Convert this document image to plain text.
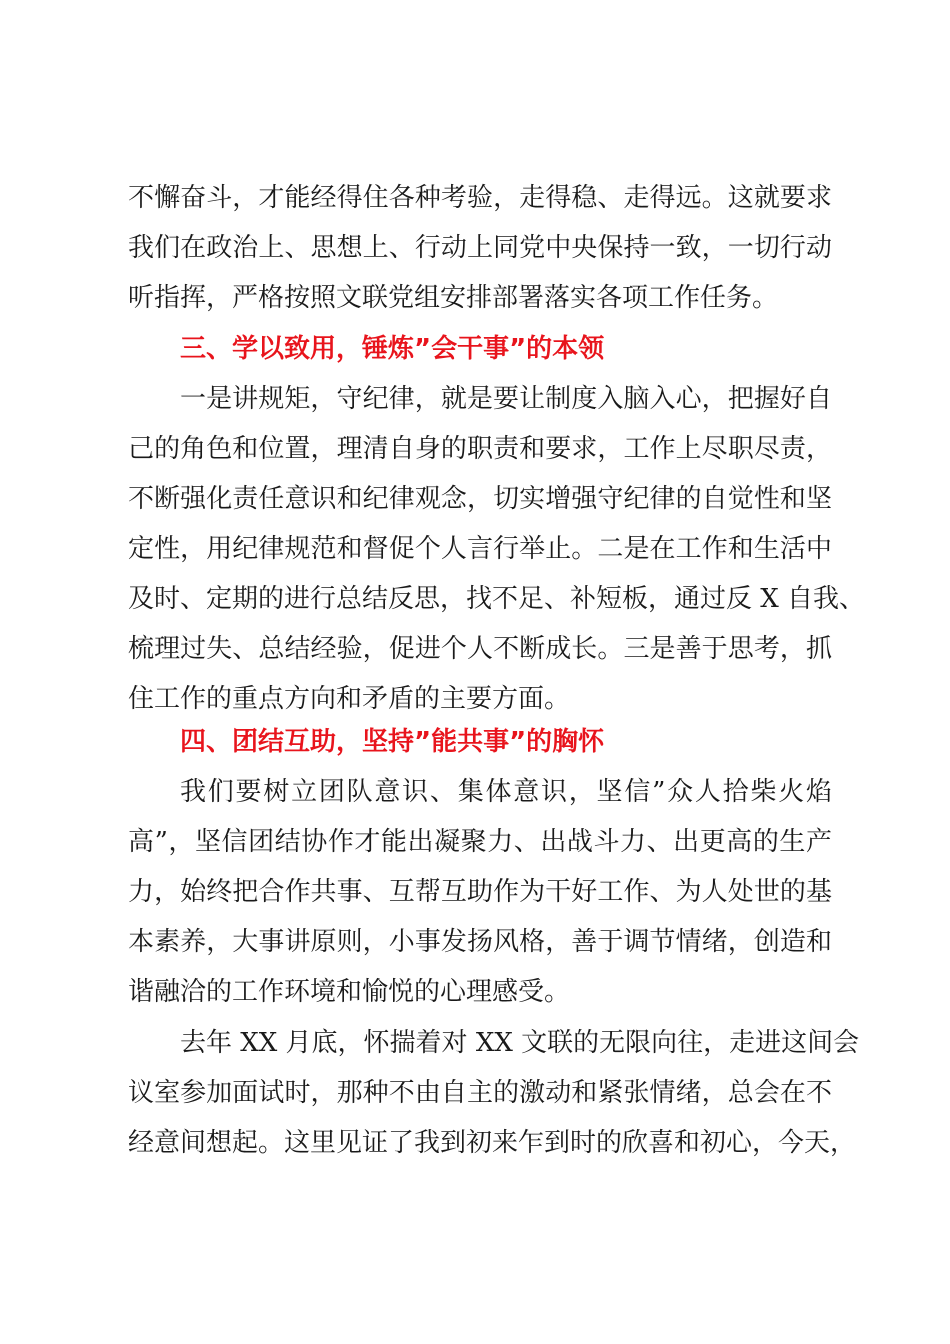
不懈奋斗，才能经得住各种考验，走得稳、走得远。这就要求
我们在政治上、思想上、行动上同党中央保持一致，一切行动
听指挥，严格按照文联党组安排部署落实各项工作任务。
三、学以致用，锤炼”会干事”的本领
一是讲规矩，守纪律，就是要让制度入脑入心，把握好自
己的角色和位置，理清自身的职责和要求，工作上尽职尽责，
不断强化责任意识和纪律观念，切实增强守纪律的自觉性和坚
定性，用纪律规范和督促个人言行举止。二是在工作和生活中
及时、定期的进行总结反思，找不足、补短板，通过反 X 自我、
梳理过失、总结经验，促进个人不断成长。三是善于思考，抓
住工作的重点方向和矛盾的主要方面。
四、团结互助，坚持”能共事”的胸怀
我们要树立团队意识、集体意识，坚信”众人拾柴火焰
高”，坚信团结协作才能出凝聚力、出战斗力、出更高的生产
力，始终把合作共事、互帮互助作为干好工作、为人处世的基
本素养，大事讲原则，小事发扬风格，善于调节情绪，创造和
谐融洽的工作环境和愉悦的心理感受。
去年 XX 月底，怀揣着对 XX 文联的无限向往，走进这间会
议室参加面试时，那种不由自主的激动和紧张情绪，总会在不
经意间想起。这里见证了我到初来乍到时的欣喜和初心，今天，
